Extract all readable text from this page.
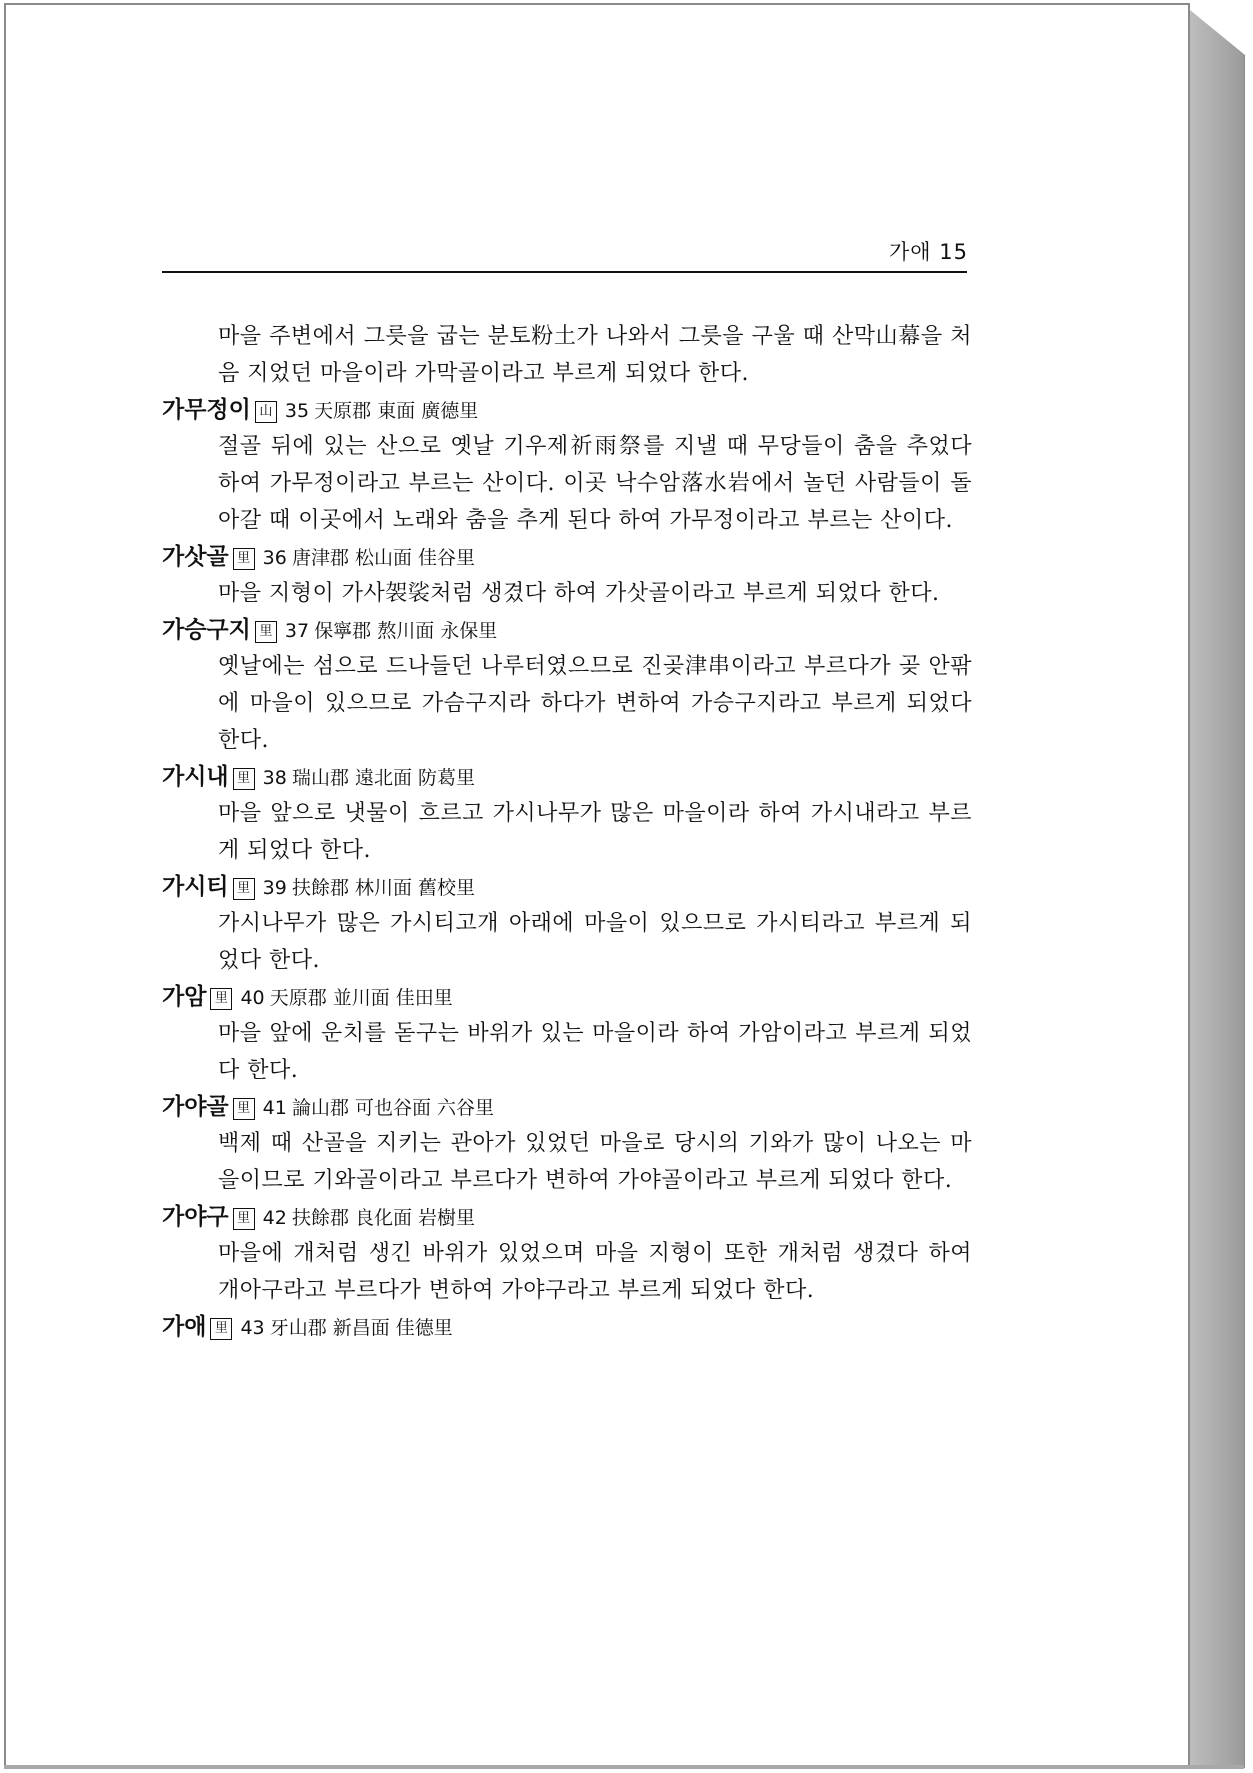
가애 15

마을 주변에서 그릇을 굽는 분토粉土가 나와서 그릇을 구울 때 산막山幕을 처음 지었던 마을이라 가막골이라고 부르게 되었다 한다.

가무정이 山 35 天原郡 東面 廣德里

절골 뒤에 있는 산으로 옛날 기우제祈雨祭를 지낼 때 무당들이 춤을 추었다 하여 가무정이라고 부르는 산이다. 이곳 낙수암落水岩에서 놀던 사람들이 돌아갈 때 이곳에서 노래와 춤을 추게 된다 하여 가무정이라고 부르는 산이다.

가삿골 里 36 唐津郡 松山面 佳谷里

마을 지형이 가사袈裟처럼 생겼다 하여 가삿골이라고 부르게 되었다 한다.

가승구지 里 37 保寧郡 熬川面 永保里

옛날에는 섬으로 드나들던 나루터였으므로 진곶津串이라고 부르다가 곶 안팎에 마을이 있으므로 가슴구지라 하다가 변하여 가승구지라고 부르게 되었다 한다.

가시내 里 38 瑞山郡 遠北面 防葛里

마을 앞으로 냇물이 흐르고 가시나무가 많은 마을이라 하여 가시내라고 부르게 되었다 한다.

가시티 里 39 扶餘郡 林川面 舊校里

가시나무가 많은 가시티고개 아래에 마을이 있으므로 가시티라고 부르게 되었다 한다.

가암 里 40 天原郡 並川面 佳田里

마을 앞에 운치를 돋구는 바위가 있는 마을이라 하여 가암이라고 부르게 되었다 한다.

가야골 里 41 論山郡 可也谷面 六谷里

백제 때 산골을 지키는 관아가 있었던 마을로 당시의 기와가 많이 나오는 마을이므로 기와골이라고 부르다가 변하여 가야골이라고 부르게 되었다 한다.

가야구 里 42 扶餘郡 良化面 岩樹里

마을에 개처럼 생긴 바위가 있었으며 마을 지형이 또한 개처럼 생겼다 하여 개아구라고 부르다가 변하여 가야구라고 부르게 되었다 한다.

가애 里 43 牙山郡 新昌面 佳德里
